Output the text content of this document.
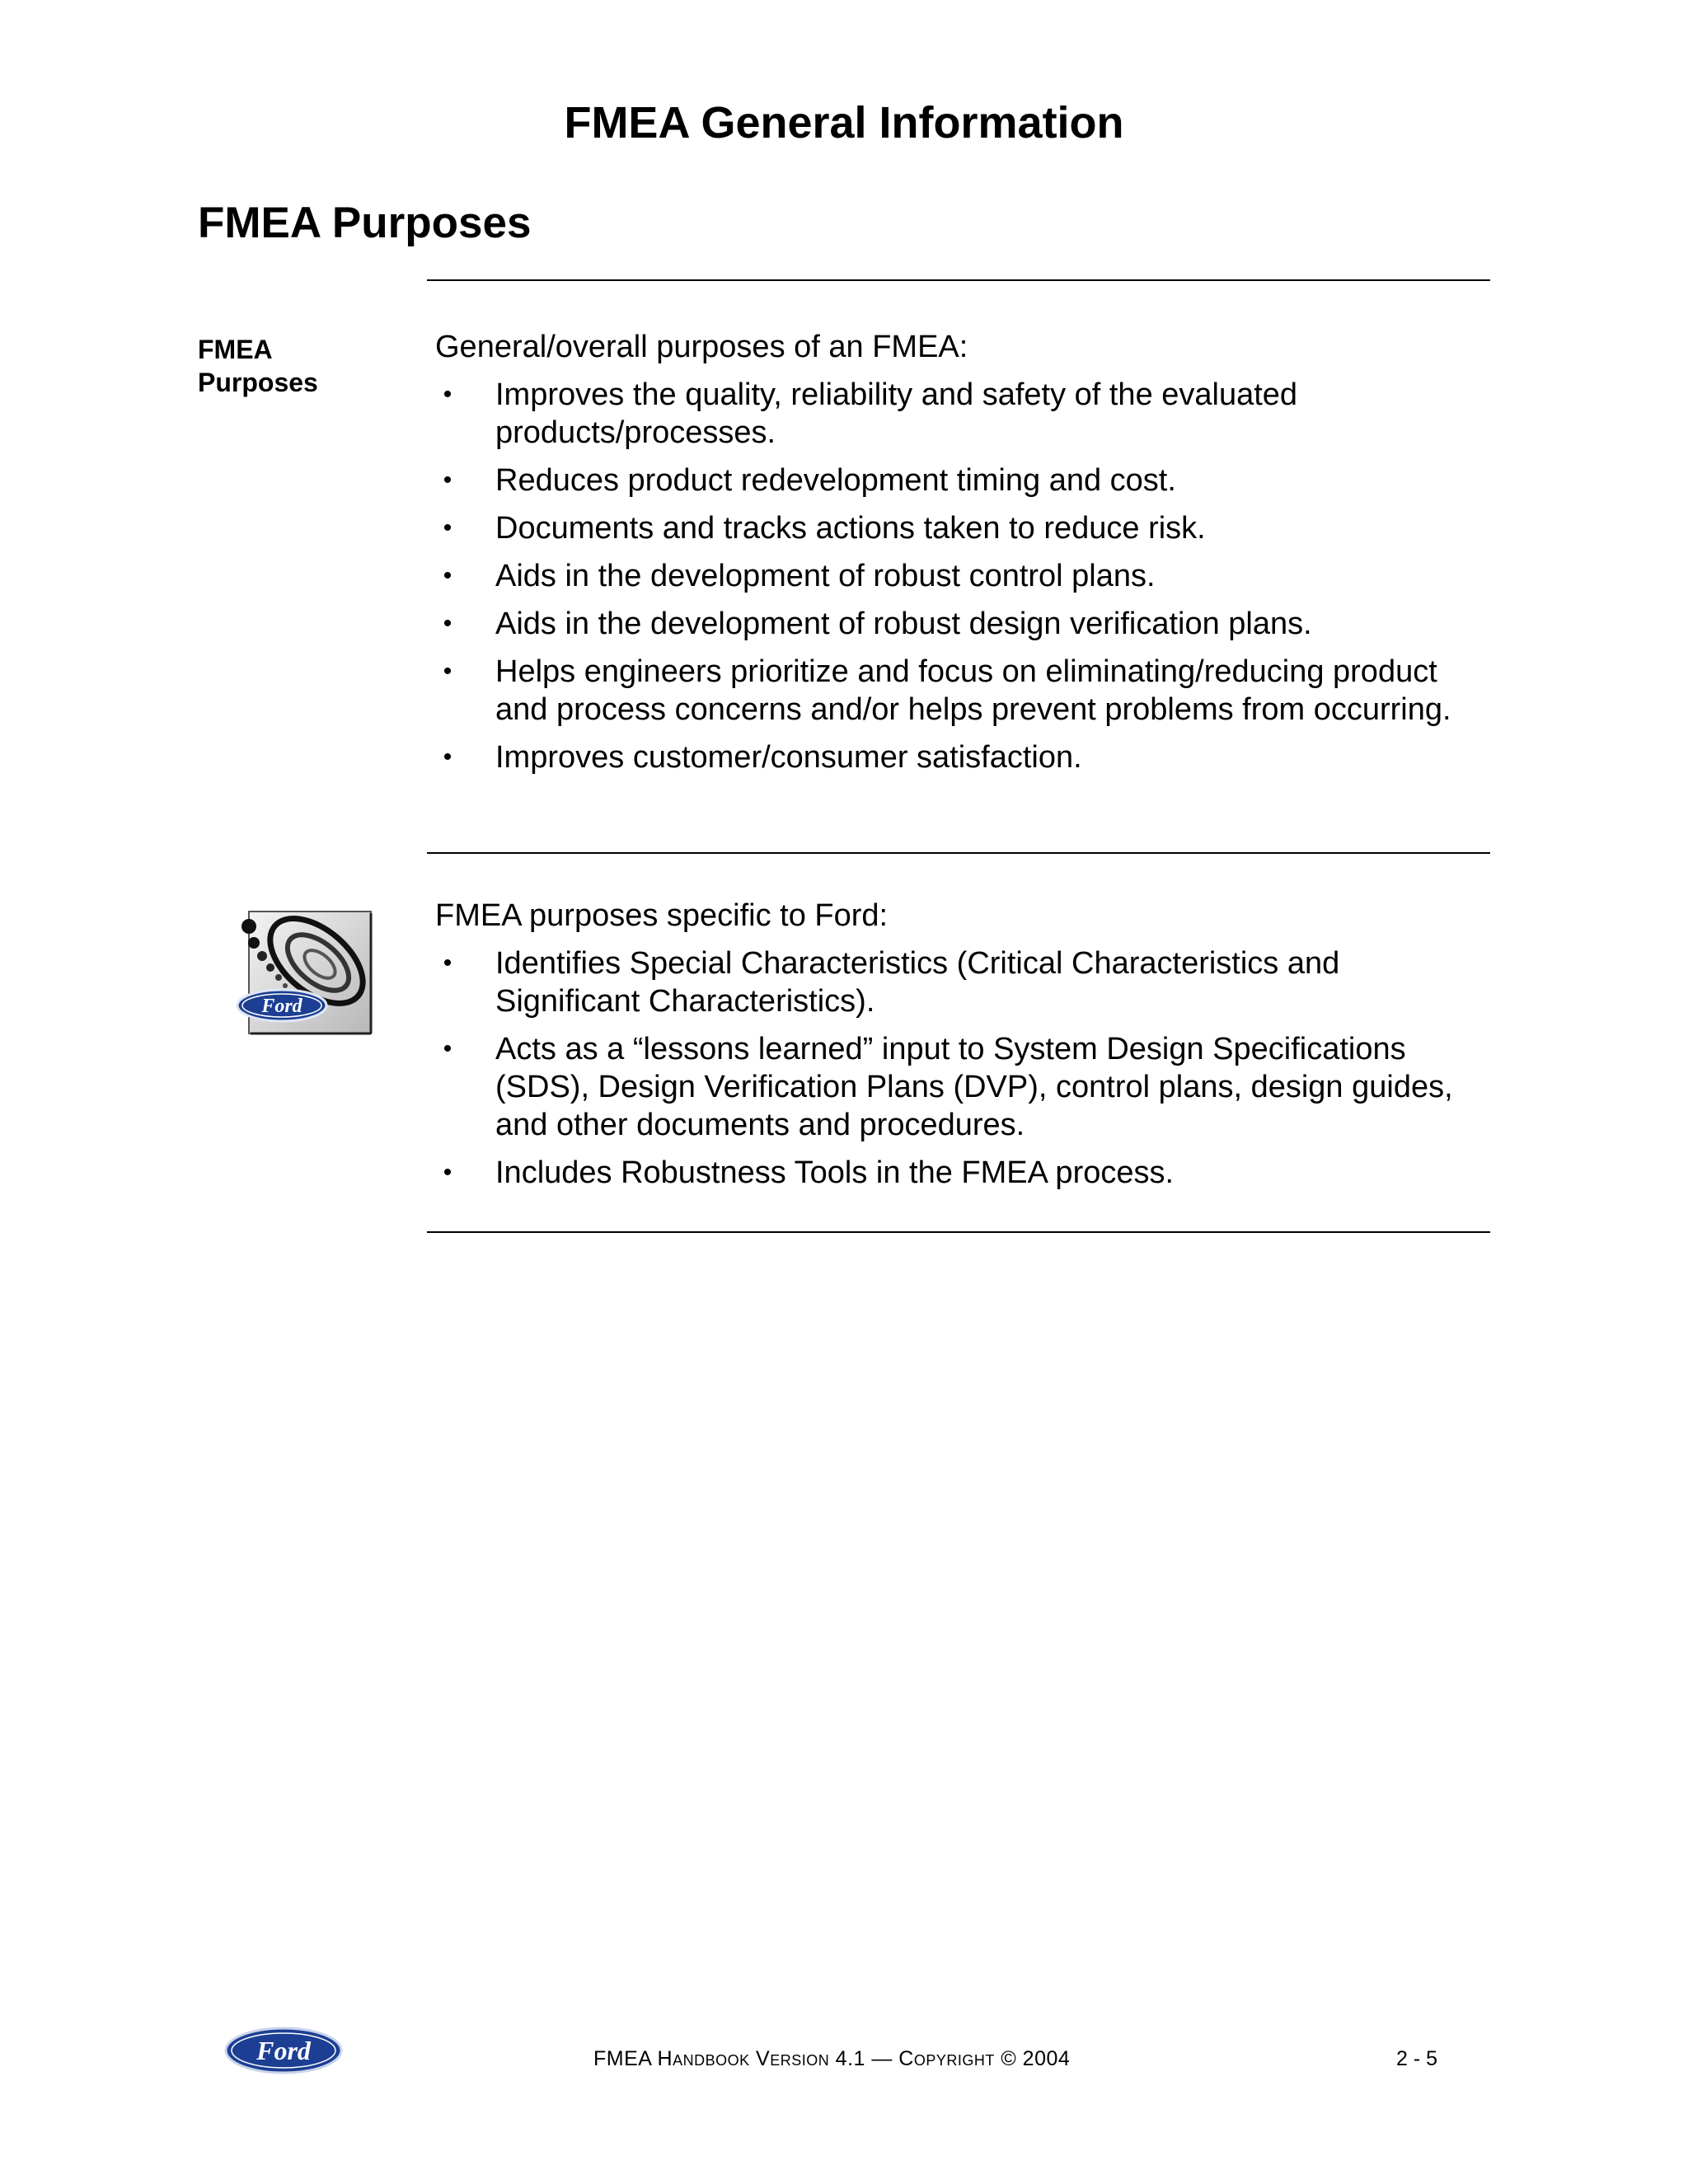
FMEA General Information
FMEA Purposes
FMEA
Purposes

General/overall purposes of an FMEA:

• Improves the quality, reliability and safety of the evaluated products/processes.
• Reduces product redevelopment timing and cost.
• Documents and tracks actions taken to reduce risk.
• Aids in the development of robust control plans.
• Aids in the development of robust design verification plans.
• Helps engineers prioritize and focus on eliminating/reducing product and process concerns and/or helps prevent problems from occurring.
• Improves customer/consumer satisfaction.
Ford

FMEA purposes specific to Ford:

• Identifies Special Characteristics (Critical Characteristics and Significant Characteristics).
• Acts as a “lessons learned” input to System Design Specifications (SDS), Design Verification Plans (DVP), control plans, design guides, and other documents and procedures.
• Includes Robustness Tools in the FMEA process.
Ford	FMEA Handbook Version 4.1 — Copyright © 2004	2 - 5
